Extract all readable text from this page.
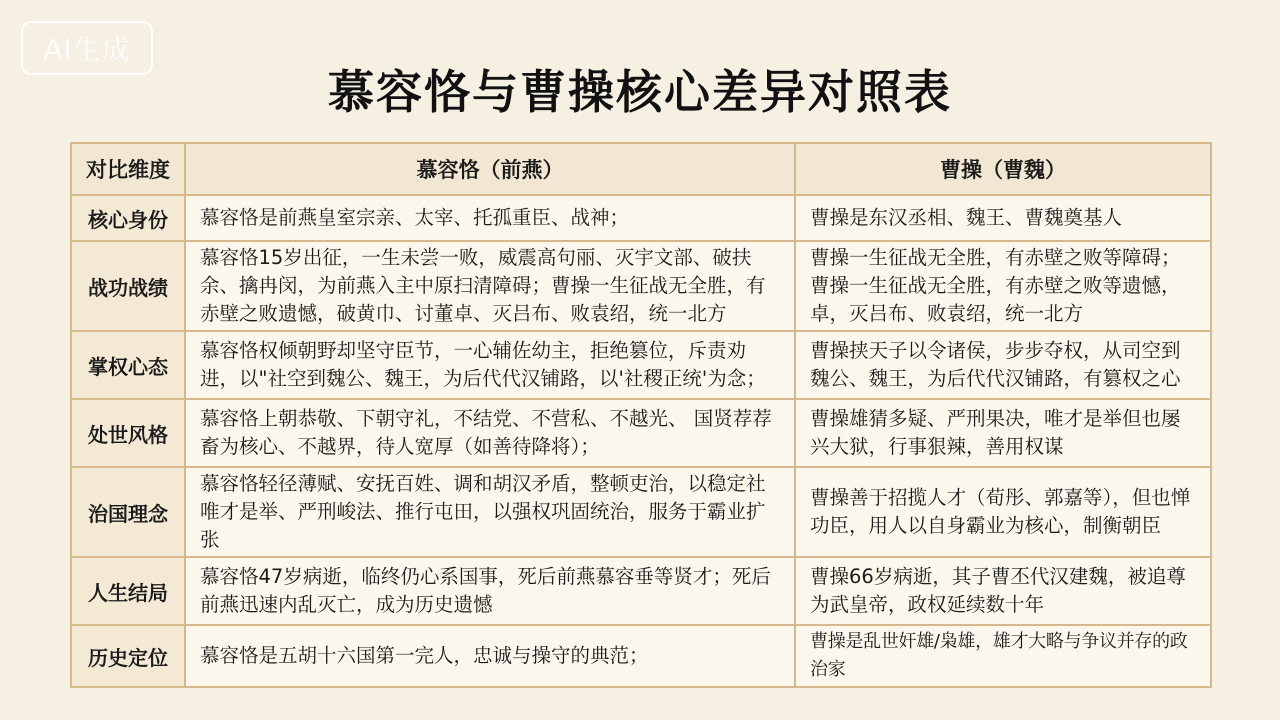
AI生成
慕容恪与曹操核心差异对照表
对比维度	慕容恪（前燕）	曹操（曹魏）
核心身份	慕容恪是前燕皇室宗亲、太宰、托孤重臣、战神；	曹操是东汉丞相、魏王、曹魏奠基人
战功战绩	慕容恪15岁出征，一生未尝一败，威震高句丽、灭宇文部、破扶余、擒冉闵，为前燕入主中原扫清障碍；曹操一生征战无全胜，有赤壁之败遗憾，破黄巾、讨董卓、灭吕布、败袁绍，统一北方	曹操一生征战无全胜，有赤壁之败等障碍；曹操一生征战无全胜，有赤壁之败等遗憾，卓，灭吕布、败袁绍，统一北方
掌权心态	慕容恪权倾朝野却坚守臣节，一心辅佐幼主，拒绝篡位，斥责劝进，以"社空到魏公、魏王，为后代代汉铺路，以'社稷正统'为念；	曹操挟天子以令诸侯，步步夺权，从司空到魏公、魏王，为后代代汉铺路，有篡权之心
处世风格	慕容恪上朝恭敬、下朝守礼，不结党、不营私、不越光、 国贤荐荐畜为核心、不越界，待人宽厚（如善待降将）；	曹操雄猜多疑、严刑果决，唯才是举但也屡兴大狱，行事狠辣，善用权谋
治国理念	慕容恪轻径薄赋、安抚百姓、调和胡汉矛盾，整顿吏治，以稳定社唯才是举、严刑峻法、推行屯田，以强权巩固统治，服务于霸业扩张	曹操善于招揽人才（荀彤、郭嘉等），但也惮功臣，用人以自身霸业为核心，制衡朝臣
人生结局	慕容恪47岁病逝，临终仍心系国事，死后前燕慕容垂等贤才；死后前燕迅速内乱灭亡，成为历史遗憾	曹操66岁病逝，其子曹丕代汉建魏，被追尊为武皇帝，政权延续数十年
历史定位	慕容恪是五胡十六国第一完人，忠诚与操守的典范；	曹操是乱世奸雄/枭雄，雄才大略与争议并存的政治家
